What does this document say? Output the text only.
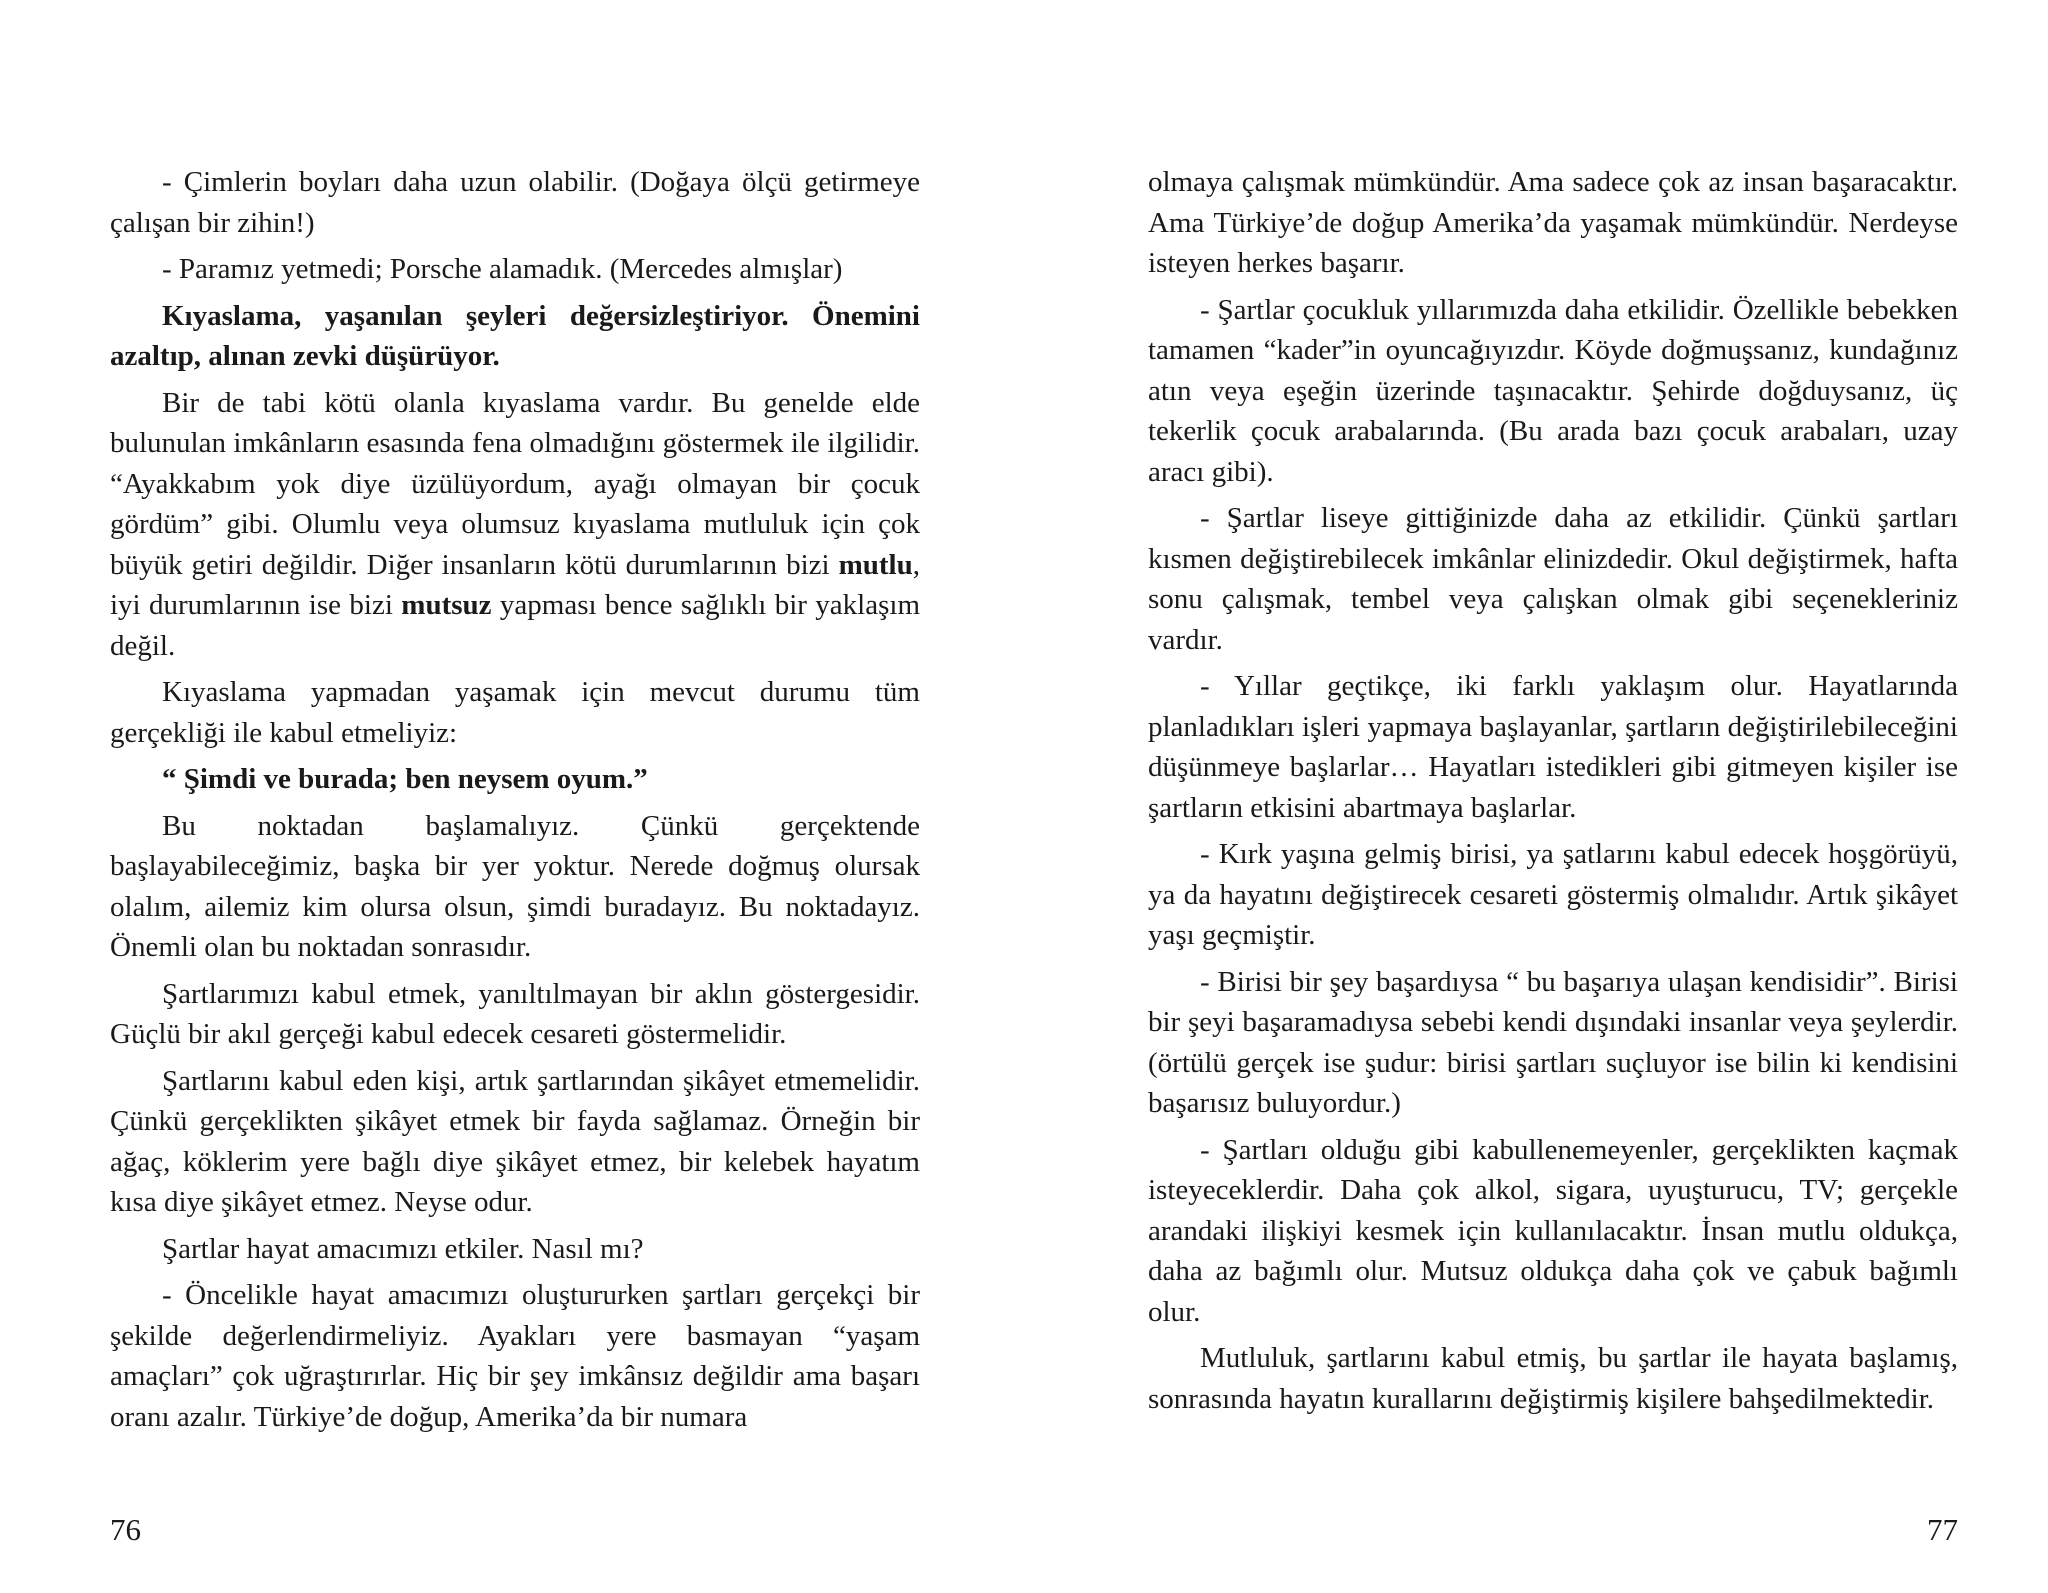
- Çimlerin boyları daha uzun olabilir. (Doğaya ölçü getirmeye çalışan bir zihin!)

- Paramız yetmedi; Porsche alamadık. (Mercedes almışlar)

Kıyaslama, yaşanılan şeyleri değersizleştiriyor. Önemini azaltıp, alınan zevki düşürüyor.

Bir de tabi kötü olanla kıyaslama vardır. Bu genelde elde bulunulan imkânların esasında fena olmadığını göstermek ile ilgilidir. “Ayakkabım yok diye üzülüyordum, ayağı olmayan bir çocuk gördüm” gibi. Olumlu veya olumsuz kıyaslama mutluluk için çok büyük getiri değildir. Diğer insanların kötü durumlarının bizi mutlu, iyi durumlarının ise bizi mutsuz yapması bence sağlıklı bir yaklaşım değil.

Kıyaslama yapmadan yaşamak için mevcut durumu tüm gerçekliği ile kabul etmeliyiz:

“ Şimdi ve burada; ben neysem oyum.”

Bu noktadan başlamalıyız. Çünkü gerçektende başlayabileceğimiz, başka bir yer yoktur. Nerede doğmuş olursak olalım, ailemiz kim olursa olsun, şimdi buradayız. Bu noktadayız. Önemli olan bu noktadan sonrasıdır.

Şartlarımızı kabul etmek, yanıltılmayan bir aklın göstergesidir. Güçlü bir akıl gerçeği kabul edecek cesareti göstermelidir.

Şartlarını kabul eden kişi, artık şartlarından şikâyet etmemelidir. Çünkü gerçeklikten şikâyet etmek bir fayda sağlamaz. Örneğin bir ağaç, köklerim yere bağlı diye şikâyet etmez, bir kelebek hayatım kısa diye şikâyet etmez. Neyse odur.

Şartlar hayat amacımızı etkiler. Nasıl mı?

- Öncelikle hayat amacımızı oluştururken şartları gerçekçi bir şekilde değerlendirmeliyiz. Ayakları yere basmayan “yaşam amaçları” çok uğraştırırlar. Hiç bir şey imkânsız değildir ama başarı oranı azalır. Türkiye’de doğup, Amerika’da bir numara

76

olmaya çalışmak mümkündür. Ama sadece çok az insan başaracaktır. Ama Türkiye’de doğup Amerika’da yaşamak mümkündür. Nerdeyse isteyen herkes başarır.

- Şartlar çocukluk yıllarımızda daha etkilidir. Özellikle bebekken tamamen “kader”in oyuncağıyızdır. Köyde doğmuşsanız, kundağınız atın veya eşeğin üzerinde taşınacaktır. Şehirde doğduysanız, üç tekerlik çocuk arabalarında. (Bu arada bazı çocuk arabaları, uzay aracı gibi).

- Şartlar liseye gittiğinizde daha az etkilidir. Çünkü şartları kısmen değiştirebilecek imkânlar elinizdedir. Okul değiştirmek, hafta sonu çalışmak, tembel veya çalışkan olmak gibi seçenekleriniz vardır.

- Yıllar geçtikçe, iki farklı yaklaşım olur. Hayatlarında planladıkları işleri yapmaya başlayanlar, şartların değiştirilebileceğini düşünmeye başlarlar… Hayatları istedikleri gibi gitmeyen kişiler ise şartların etkisini abartmaya başlarlar.

- Kırk yaşına gelmiş birisi, ya şatlarını kabul edecek hoşgörüyü, ya da hayatını değiştirecek cesareti göstermiş olmalıdır. Artık şikâyet yaşı geçmiştir.

- Birisi bir şey başardıysa “ bu başarıya ulaşan kendisidir”. Birisi bir şeyi başaramadıysa sebebi kendi dışındaki insanlar veya şeylerdir. (örtülü gerçek ise şudur: birisi şartları suçluyor ise bilin ki kendisini başarısız buluyordur.)

- Şartları olduğu gibi kabullenemeyenler, gerçeklikten kaçmak isteyeceklerdir. Daha çok alkol, sigara, uyuşturucu, TV; gerçekle arandaki ilişkiyi kesmek için kullanılacaktır. İnsan mutlu oldukça, daha az bağımlı olur. Mutsuz oldukça daha çok ve çabuk bağımlı olur.

Mutluluk, şartlarını kabul etmiş, bu şartlar ile hayata başlamış, sonrasında hayatın kurallarını değiştirmiş kişilere bahşedilmektedir.

77
